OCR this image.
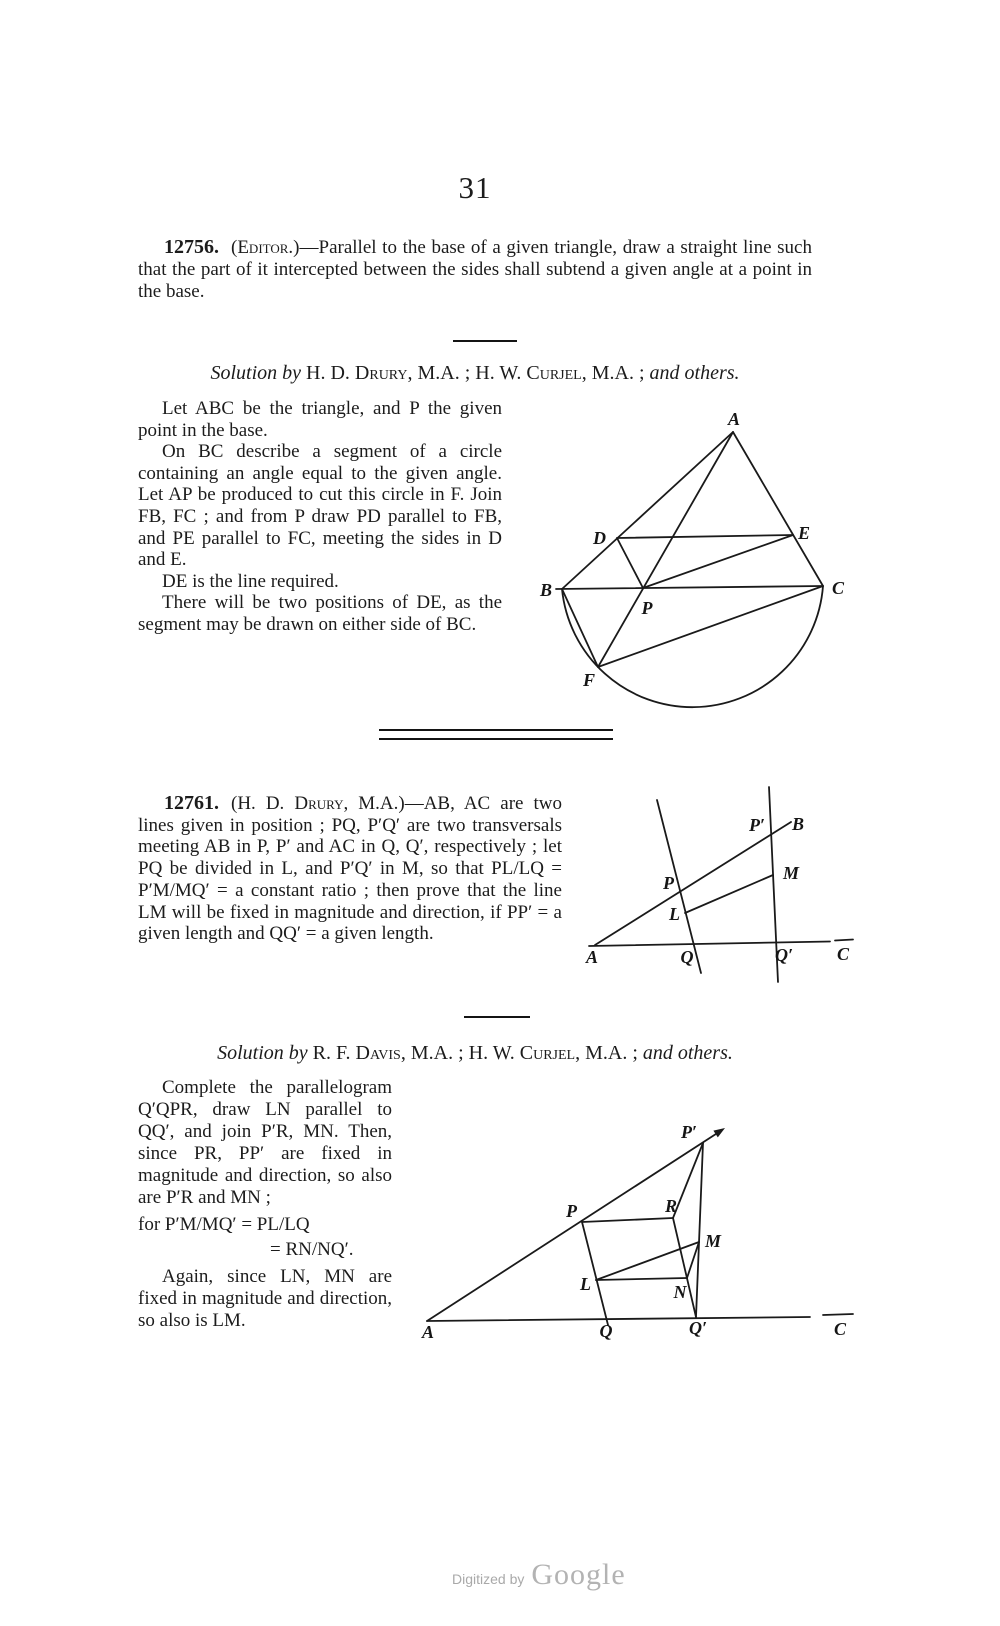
31

12756. (Editor.)—Parallel to the base of a given triangle, draw a straight line such that the part of it intercepted between the sides shall subtend a given angle at a point in the base.

Solution by H. D. Drury, M.A. ; H. W. Curjel, M.A. ; and others.

Let ABC be the triangle, and P the given point in the base.

On BC describe a segment of a circle containing an angle equal to the given angle. Let AP be produced to cut this circle in F. Join FB, FC ; and from P draw PD parallel to FB, and PE parallel to FC, meeting the sides in D and E.

DE is the line required.

There will be two positions of DE, as the segment may be drawn on either side of BC.

A
D	E
B
P
C
F

12761. (H. D. Drury, M.A.)—AB, AC are two lines given in position ; PQ, P′Q′ are two transversals meeting AB in P, P′ and AC in Q, Q′, respectively ; let PQ be divided in L, and P′Q′ in M, so that PL/LQ = P′M/MQ′ = a constant ratio ; then prove that the line LM will be fixed in magnitude and direction, if PP′ = a given length and QQ′ = a given length.

P′ B
M
P
L
A	Q	Q′ C
Solution by R. F. Davis, M.A. ; H. W. Curjel, M.A. ; and others.

Complete the parallelogram Q′QPR, draw LN parallel to QQ′, and join P′R, MN. Then, since PR, PP′ are fixed in magnitude and direction, so also are P′R and MN ;

for P′M/MQ′ = PL/LQ
= RN/NQ′.

Again, since LN, MN are fixed in magnitude and direction, so also is LM.

P′
P	R
M
L	N
A	Q	Q′	C
Digitized by Google
